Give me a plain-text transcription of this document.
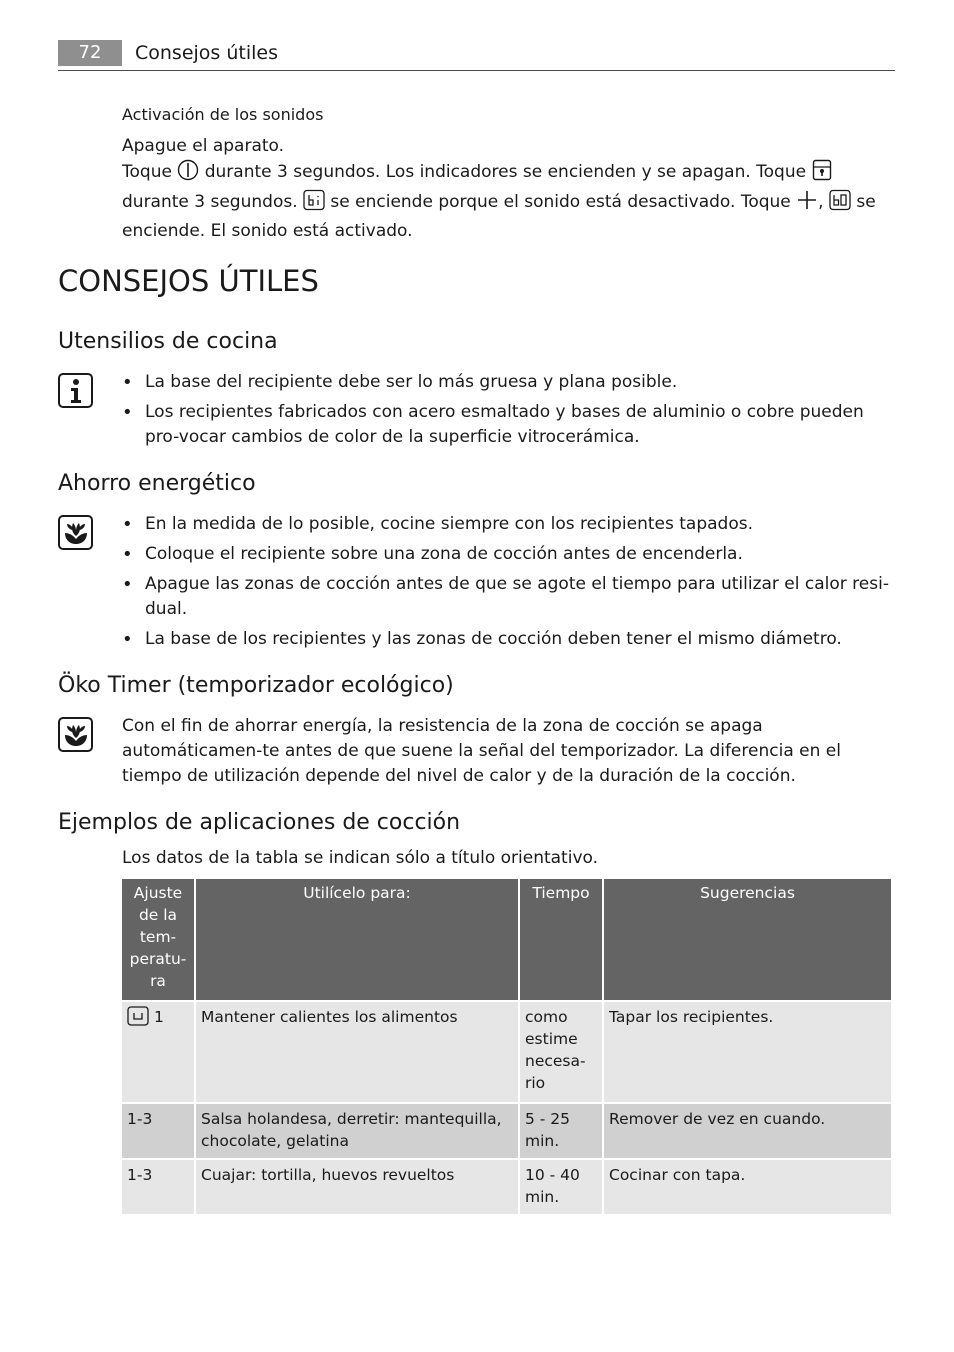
72	Consejos útiles
Activación de los sonidos
Apague el aparato.
Toque durante 3 segundos. Los indicadores se encienden y se apagan. Toque  durante 3 segundos. se enciende porque el sonido está desactivado. Toque , se enciende. El sonido está activado.
CONSEJOS ÚTILES
Utensilios de cocina
• La base del recipiente debe ser lo más gruesa y plana posible.
• Los recipientes fabricados con acero esmaltado y bases de aluminio o cobre pueden pro-vocar cambios de color de la superficie vitrocerámica.
Ahorro energético
• En la medida de lo posible, cocine siempre con los recipientes tapados.
• Coloque el recipiente sobre una zona de cocción antes de encenderla.
• Apague las zonas de cocción antes de que se agote el tiempo para utilizar el calor resi-dual.
• La base de los recipientes y las zonas de cocción deben tener el mismo diámetro.
Öko Timer (temporizador ecológico)
Con el fin de ahorrar energía, la resistencia de la zona de cocción se apaga automáticamen-te antes de que suene la señal del temporizador. La diferencia en el tiempo de utilización depende del nivel de calor y de la duración de la cocción.
Ejemplos de aplicaciones de cocción
Los datos de la tabla se indican sólo a título orientativo.
Ajuste de la tem-peratu-ra	Utilícelo para:	Tiempo	Sugerencias
1	Mantener calientes los alimentos	como estime necesa-rio	Tapar los recipientes.
1-3	Salsa holandesa, derretir: mantequilla, chocolate, gelatina	5 - 25 min.	Remover de vez en cuando.
1-3	Cuajar: tortilla, huevos revueltos	10 - 40 min.	Cocinar con tapa.
